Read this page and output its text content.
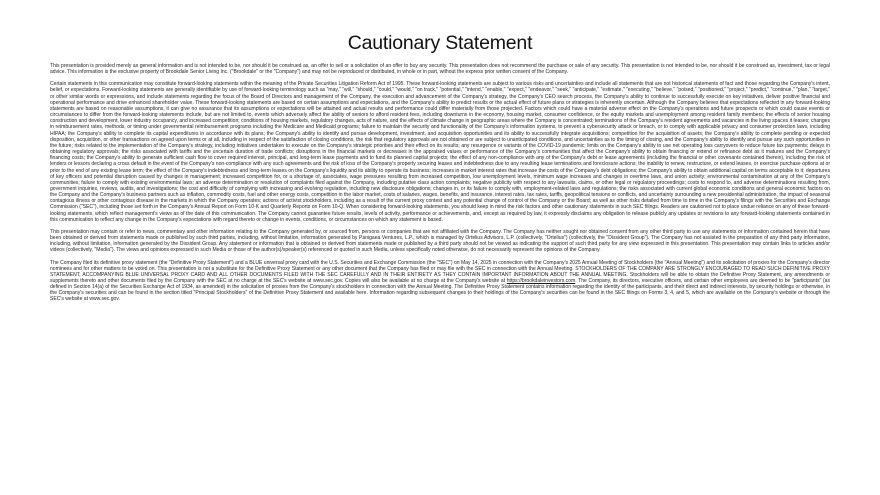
Cautionary Statement

This presentation is provided merely as general information and is not intended to be, nor should it be construed as, an offer to sell or a solicitation of an offer to buy any security. This presentation does not recommend the purchase or sale of any security. This presentation is not intended to be, nor should it be construed as, investment, tax or legal advice. This information is the exclusive property of Brookdale Senior Living Inc. ("Brookdale" or the "Company") and may not be reproduced or distributed, in whole or in part, without the express prior written consent of the Company.

Certain statements in this communication may constitute forward-looking statements within the meaning of the Private Securities Litigation Reform Act of 1995. These forward-looking statements are subject to various risks and uncertainties and include all statements that are not historical statements of fact and those regarding the Company's intent, belief, or expectations. Forward-looking statements are generally identifiable by use of forward-looking terminology such as "may," "will," "should," "could," "would," "on track," "potential," "intend," "enable," "expect," "endeavor," "seek," "anticipate," "estimate," "executing," "believe," "poised," "positioned," "project," "predict," "continue," "plan," "target," or other similar words or expressions, and include statements regarding the focus of the Board of Directors and management of the Company, the execution and advancement of the Company's strategy, the Company's CEO search process, the Company's ability to continue to successfully execute on key initiatives, deliver positive financial and operational performance and drive enhanced shareholder value. These forward-looking statements are based on certain assumptions and expectations, and the Company's ability to predict results or the actual effect of future plans or strategies is inherently uncertain. Although the Company believes that expectations reflected in any forward-looking statements are based on reasonable assumptions, it can give no assurance that its assumptions or expectations will be attained and actual results and performance could differ materially from those projected. Factors which could have a material adverse effect on the Company's operations and future prospects or which could cause events or circumstances to differ from the forward-looking statements include, but are not limited to, events which adversely affect the ability of seniors to afford resident fees, including downturns in the economy, housing market, consumer confidence, or the equity markets and unemployment among resident family members; the effects of senior housing construction and development, lower industry occupancy, and increased competition; conditions of housing markets, regulatory changes, acts of nature, and the effects of climate change in geographic areas where the Company is concentrated; terminations of the Company's resident agreements and vacancies in the living spaces it leases; changes in reimbursement rates, methods, or timing under governmental reimbursement programs including the Medicare and Medicaid programs; failure to maintain the security and functionality of the Company's information systems, to prevent a cybersecurity attack or breach, or to comply with applicable privacy and consumer protection laws, including HIPAA; the Company's ability to complete its capital expenditures in accordance with its plans; the Company's ability to identify and pursue development, investment, and acquisition opportunities and its ability to successfully integrate acquisitions; competition for the acquisition of assets; the Company's ability to complete pending or expected disposition, acquisition, or other transactions on agreed upon terms or at all, including in respect of the satisfaction of closing conditions, the risk that regulatory approvals are not obtained or are subject to unanticipated conditions, and uncertainties as to the timing of closing, and the Company's ability to identify and pursue any such opportunities in the future; risks related to the implementation of the Company's strategy, including initiatives undertaken to execute on the Company's strategic priorities and their effect on its results; any resurgence or variants of the COVID-19 pandemic; limits on the Company's ability to use net operating loss carryovers to reduce future tax payments; delays in obtaining regulatory approvals; the risks associated with tariffs and the uncertain duration of trade conflicts; disruptions in the financial markets or decreases in the appraised values or performance of the Company's communities that affect the Company's ability to obtain financing or extend or refinance debt as it matures and the Company's financing costs; the Company's ability to generate sufficient cash flow to cover required interest, principal, and long-term lease payments and to fund its planned capital projects; the effect of any non-compliance with any of the Company's debt or lease agreements (including the financial or other covenants contained therein), including the risk of lenders or lessors declaring a cross default in the event of the Company's non-compliance with any such agreements and the risk of loss of the Company's property securing leases and indebtedness due to any resulting lease terminations and foreclosure actions; the inability to renew, restructure, or extend leases, or exercise purchase options at or prior to the end of any existing lease term; the effect of the Company's indebtedness and long-term leases on the Company's liquidity and its ability to operate its business; increases in market interest rates that increase the costs of the Company's debt obligations; the Company's ability to obtain additional capital on terms acceptable to it; departures of key officers and potential disruption caused by changes in management; increased competition for, or a shortage of, associates, wage pressures resulting from increased competition, low unemployment levels, minimum wage increases and changes in overtime laws, and union activity; environmental contamination at any of the Company's communities; failure to comply with existing environmental laws; an adverse determination or resolution of complaints filed against the Company, including putative class action complaints; negative publicity with respect to any lawsuits, claims, or other legal or regulatory proceedings; costs to respond to, and adverse determinations resulting from, government inquiries, reviews, audits, and investigations; the cost and difficulty of complying with increasing and evolving regulation, including new disclosure obligations; changes in, or its failure to comply with, employment-related laws and regulations; the risks associated with current global economic conditions and general economic factors on the Company and the Company's business partners such as inflation, commodity costs, fuel and other energy costs, competition in the labor market, costs of salaries, wages, benefits, and insurance, interest rates, tax rates, tariffs, geopolitical tensions or conflicts, and uncertainty surrounding a new presidential administration, the impact of seasonal contagious illness or other contagious disease in the markets in which the Company operates; actions of activist stockholders, including as a result of the current proxy contest and any potential change of control of the Company or the Board; as well as other risks detailed from time to time in the Company's filings with the Securities and Exchange Commission ("SEC"), including those set forth in the Company's Annual Report on Form 10-K and Quarterly Reports on Form 10-Q. When considering forward-looking statements, you should keep in mind the risk factors and other cautionary statements in such SEC filings. Readers are cautioned not to place undue reliance on any of these forward-looking statements, which reflect management's views as of the date of this communication. The Company cannot guarantee future results, levels of activity, performance or achievements, and, except as required by law, it expressly disclaims any obligation to release publicly any updates or revisions to any forward-looking statements contained in this communication to reflect any change in the Company's expectations with regard thereto or change in events, conditions, or circumstances on which any statement is based.

This presentation may contain or refer to news, commentary and other information relating to the Company generated by, or sourced from, persons or companies that are not affiliated with the Company. The Company has neither sought nor obtained consent from any other third party to use any statements or information contained herein that have been obtained or derived from statements made or published by such third parties, including, without limitation, information generated by Panigaea Ventures, L.P., which is managed by Ortelius Advisors, L.P. (collectively, "Ortelius") (collectively, the "Dissident Group"). The Company has not assisted in the preparation of any third party information, including, without limitation, information generated by the Dissident Group. Any statement or information that is obtained or derived from statements made or published by a third party should not be viewed as indicating the support of such third party for any view expressed in this presentation. This presentation may contain links to articles and/or videos (collectively, "Media"). The views and opinions expressed in such Media or those of the author(s)/speaker(s) referenced or quoted in such Media, unless specifically noted otherwise, do not necessarily represent the opinions of the Company.

The Company filed its definitive proxy statement (the "Definitive Proxy Statement") and a BLUE universal proxy card with the U.S. Securities and Exchange Commission (the "SEC") on May 14, 2025 in connection with the Company's 2025 Annual Meeting of Stockholders (the "Annual Meeting") and its solicitation of proxies for the Company's director nominees and for other matters to be voted on. This presentation is not a substitute for the Definitive Proxy Statement or any other document that the Company has filed or may file with the SEC in connection with the Annual Meeting. STOCKHOLDERS OF THE COMPANY ARE STRONGLY ENCOURAGED TO READ SUCH DEFINITIVE PROXY STATEMENT, ACCOMPANYING BLUE UNIVERSAL PROXY CARD AND ALL OTHER DOCUMENTS FILED WITH THE SEC CAREFULLY AND IN THEIR ENTIRETY AS THEY CONTAIN IMPORTANT INFORMATION ABOUT THE ANNUAL MEETING. Stockholders will be able to obtain the Definitive Proxy Statement, any amendments or supplements thereto and other documents filed by the Company with the SEC at no charge at the SEC's website at www.sec.gov. Copies will also be available at no charge at the Company's website at https://brookdaleinvestors.com. The Company, its directors, executive officers, and certain other employees are deemed to be "participants" (as defined in Section 14(a) of the Securities Exchange Act of 1934, as amended) in the solicitation of proxies from the Company's stockholders in connection with the Annual Meeting. The Definitive Proxy Statement contains information regarding the identity of the participants, and their direct and indirect interests, by security holdings or otherwise, in the Company's securities and can be found in the section titled "Principal Stockholders" of the Definitive Proxy Statement and available here. Information regarding subsequent changes to their holdings of the Company's securities can be found in the SEC filings on Forms 3, 4, and 5, which are available on the Company's website or through the SEC's website at www.sec.gov.
